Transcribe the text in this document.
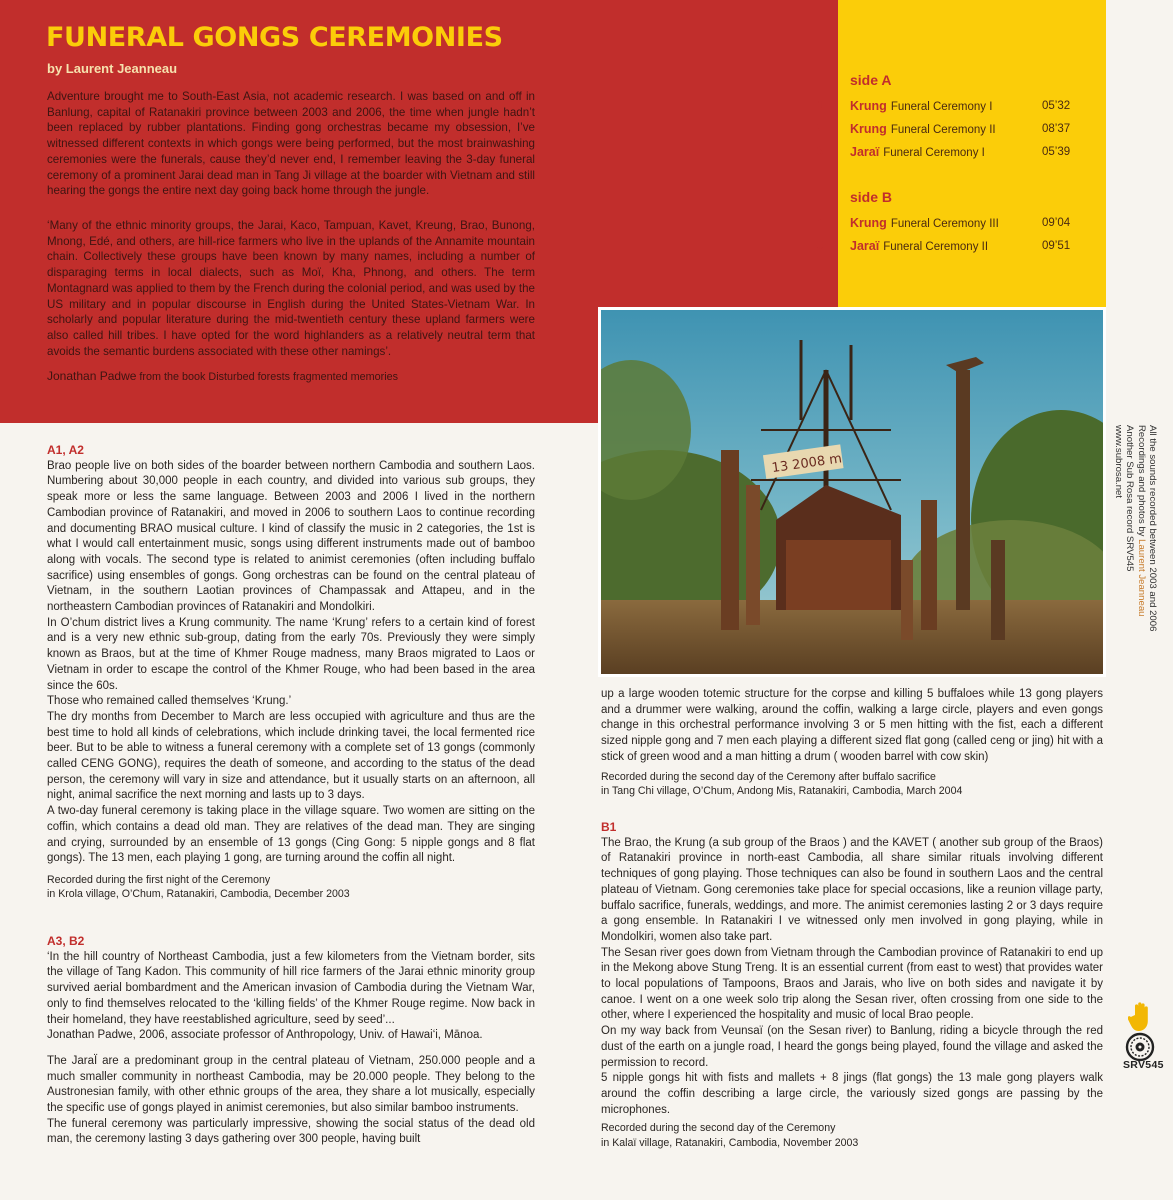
FUNERAL GONGS CEREMONIES
by Laurent Jeanneau

Adventure brought me to South-East Asia, not academic research. I was based on and off in Banlung, capital of Ratanakiri province between 2003 and 2006, the time when jungle hadn’t been replaced by rubber plantations. Finding gong orchestras became my obsession, I’ve witnessed different contexts in which gongs were being performed, but the most brainwashing ceremonies were the funerals, cause they’d never end, I remember leaving the 3-day funeral ceremony of a prominent Jarai dead man in Tang Ji village at the boarder with Vietnam and still hearing the gongs the entire next day going back home through the jungle.

‘Many of the ethnic minority groups, the Jarai, Kaco, Tampuan, Kavet, Kreung, Brao, Bunong, Mnong, Edé, and others, are hill-rice farmers who live in the uplands of the Annamite mountain chain. Collectively these groups have been known by many names, including a number of disparaging terms in local dialects, such as Moï, Kha, Phnong, and others. The term Montagnard was applied to them by the French during the colonial period, and was used by the US military and in popular discourse in English during the United States-Vietnam War. In scholarly and popular literature during the mid-twentieth century these upland farmers were also called hill tribes. I have opted for the word highlanders as a relatively neutral term that avoids the semantic burdens associated with these other namings’.

Jonathan Padwe from the book Disturbed forests fragmented memories

side A
1	Krung Funeral Ceremony I	05’32
2	Krung Funeral Ceremony II	08’37
3	Jaraï Funeral Ceremony I	05’39
side B
4	Krung Funeral Ceremony III	09’04
5	Jaraï Funeral Ceremony II	09’51
13 2008 m	All the sounds recorded between 2003 and 2006
Recordings and photos by Laurent Jeanneau
Another Sub Rosa record SRV545
www.subrosa.net
SRV545

A1, A2

Brao people live on both sides of the boarder between northern Cambodia and southern Laos. Numbering about 30,000 people in each country, and divided into various sub groups, they speak more or less the same language. Between 2003 and 2006 I lived in the northern Cambodian province of Ratanakiri, and moved in 2006 to southern Laos to continue recording and documenting BRAO musical culture. I kind of classify the music in 2 categories, the 1st is what I would call entertainment music, songs using different instruments made out of bamboo along with vocals. The second type is related to animist ceremonies (often including buffalo sacrifice) using ensembles of gongs. Gong orchestras can be found on the central plateau of Vietnam, in the southern Laotian provinces of Champassak and Attapeu, and in the northeastern Cambodian provinces of Ratanakiri and Mondolkiri.

In O’chum district lives a Krung community. The name ‘Krung’ refers to a certain kind of forest and is a very new ethnic sub-group, dating from the early 70s. Previously they were simply known as Braos, but at the time of Khmer Rouge madness, many Braos migrated to Laos or Vietnam in order to escape the control of the Khmer Rouge, who had been based in the area since the 60s.

Those who remained called themselves ‘Krung.’

The dry months from December to March are less occupied with agriculture and thus are the best time to hold all kinds of celebrations, which include drinking tavei, the local fermented rice beer. But to be able to witness a funeral ceremony with a complete set of 13 gongs (commonly called CENG GONG), requires the death of someone, and according to the status of the dead person, the ceremony will vary in size and attendance, but it usually starts on an afternoon, all night, animal sacrifice the next morning and lasts up to 3 days.

A two-day funeral ceremony is taking place in the village square. Two women are sitting on the coffin, which contains a dead old man. They are relatives of the dead man. They are singing and crying, surrounded by an ensemble of 13 gongs (Cing Gong: 5 nipple gongs and 8 flat gongs). The 13 men, each playing 1 gong, are turning around the coffin all night.

Recorded during the first night of the Ceremony

in Krola village, O’Chum, Ratanakiri, Cambodia, December 2003

A3, B2

‘In the hill country of Northeast Cambodia, just a few kilometers from the Vietnam border, sits the village of Tang Kadon. This community of hill rice farmers of the Jarai ethnic minority group survived aerial bombardment and the American invasion of Cambodia during the Vietnam War, only to find themselves relocated to the ‘killing fields’ of the Khmer Rouge regime. Now back in their homeland, they have reestablished agriculture, seed by seed’...

Jonathan Padwe, 2006, associate professor of Anthropology, Univ. of Hawai‘i, Mānoa.

The JaraÏ are a predominant group in the central plateau of Vietnam, 250.000 people and a much smaller community in northeast Cambodia, may be 20.000 people. They belong to the Austronesian family, with other ethnic groups of the area, they share a lot musically, especially the specific use of gongs played in animist ceremonies, but also similar bamboo instruments.

The funeral ceremony was particularly impressive, showing the social status of the dead old man, the ceremony lasting 3 days gathering over 300 people, having built

up a large wooden totemic structure for the corpse and killing 5 buffaloes while 13 gong players and a drummer were walking, around the coffin, walking a large circle, players and even gongs change in this orchestral performance involving 3 or 5 men hitting with the fist, each a different sized nipple gong and 7 men each playing a different sized flat gong (called ceng or jing) hit with a stick of green wood and a man hitting a drum ( wooden barrel with cow skin)

Recorded during the second day of the Ceremony after buffalo sacrifice

in Tang Chi village, O’Chum, Andong Mis, Ratanakiri, Cambodia, March 2004

B1

The Brao, the Krung (a sub group of the Braos ) and the KAVET ( another sub group of the Braos) of Ratanakiri province in north-east Cambodia, all share similar rituals involving different techniques of gong playing. Those techniques can also be found in southern Laos and the central plateau of Vietnam. Gong ceremonies take place for special occasions, like a reunion village party, buffalo sacrifice, funerals, weddings, and more. The animist ceremonies lasting 2 or 3 days require a gong ensemble. In Ratanakiri I ve witnessed only men involved in gong playing, while in Mondolkiri, women also take part.

The Sesan river goes down from Vietnam through the Cambodian province of Ratanakiri to end up in the Mekong above Stung Treng. It is an essential current (from east to west) that provides water to local populations of Tampoons, Braos and Jarais, who live on both sides and navigate it by canoe. I went on a one week solo trip along the Sesan river, often crossing from one side to the other, where I experienced the hospitality and music of local Brao people.

On my way back from Veunsaï (on the Sesan river) to Banlung, riding a bicycle through the red dust of the earth on a jungle road, I heard the gongs being played, found the village and asked the permission to record.

5 nipple gongs hit with fists and mallets + 8 jings (flat gongs) the 13 male gong players walk around the coffin describing a large circle, the variously sized gongs are passing by the microphones.

Recorded during the second day of the Ceremony

in Kalaï village, Ratanakiri, Cambodia, November 2003
